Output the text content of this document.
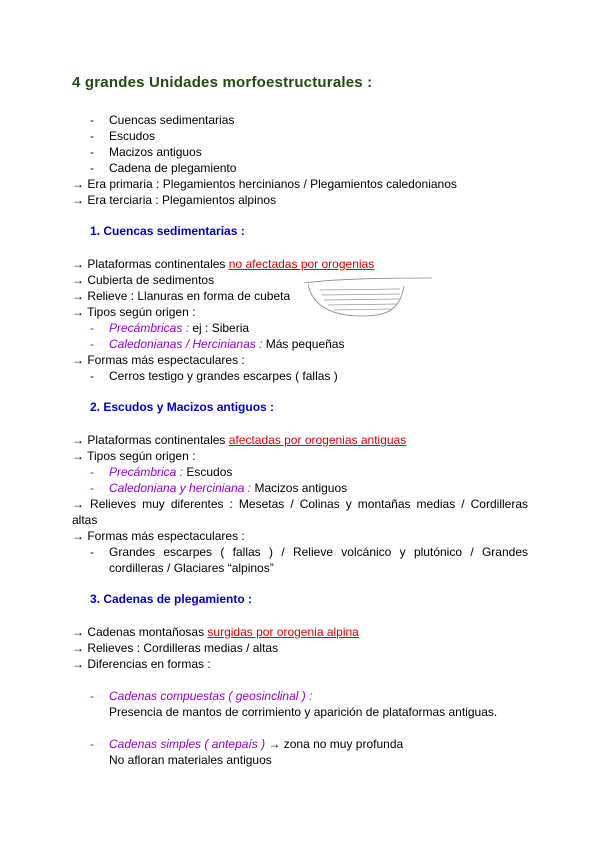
4 grandes Unidades morfoestructurales :
-	Cuencas sedimentarias
-	Escudos
-	Macizos antiguos
-	Cadena de plegamiento
→ Era primaria : Plegamientos hercinianos / Plegamientos caledonianos
→ Era terciaria : Plegamientos alpinos
1. Cuencas sedimentarias :
→ Plataformas continentales no afectadas por orogenias
→ Cubierta de sedimentos
→ Relieve : Llanuras en forma de cubeta
→ Tipos según origen :
-	Precámbricas : ej : Siberia
-	Caledonianas / Hercinianas : Más pequeñas
→ Formas más espectaculares :
-	Cerros testigo y grandes escarpes ( fallas )
2. Escudos y Macizos antiguos :
→ Plataformas continentales afectadas por orogenias antiguas
→ Tipos según origen :
-	Precámbrica : Escudos
-	Caledoniana y herciniana : Macizos antiguos
→ Relieves muy diferentes : Mesetas / Colinas y montañas medias / Cordilleras
altas
→ Formas más espectaculares :
-	Grandes escarpes ( fallas ) / Relieve volcánico y plutónico / Grandes
cordilleras / Glaciares “alpinos”
3. Cadenas de plegamiento :
→ Cadenas montañosas surgidas por orogenia alpina
→ Relieves : Cordilleras medias / altas
→ Diferencias en formas :
-	Cadenas compuestas ( geosinclinal ) :
Presencia de mantos de corrimiento y aparición de plataformas antiguas.
-	Cadenas simples ( antepaís ) → zona no muy profunda
No afloran materiales antiguos
